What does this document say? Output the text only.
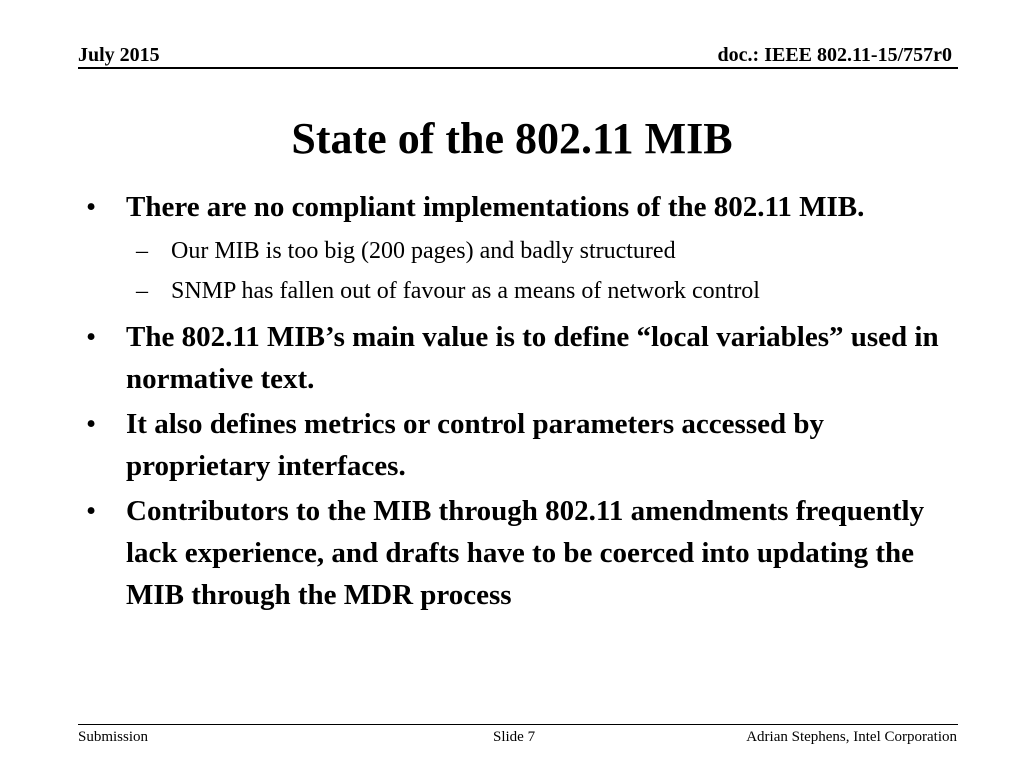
July 2015	doc.: IEEE 802.11-15/757r0
State of the 802.11 MIB
• There are no compliant implementations of the 802.11 MIB.
– Our MIB is too big (200 pages) and badly structured
– SNMP has fallen out of favour as a means of network control
• The 802.11 MIB’s main value is to define “local variables” used in normative text.
• It also defines metrics or control parameters accessed by proprietary interfaces.
• Contributors to the MIB through 802.11 amendments frequently lack experience, and drafts have to be coerced into updating the MIB through the MDR process
Submission	Slide 7	Adrian Stephens, Intel Corporation
